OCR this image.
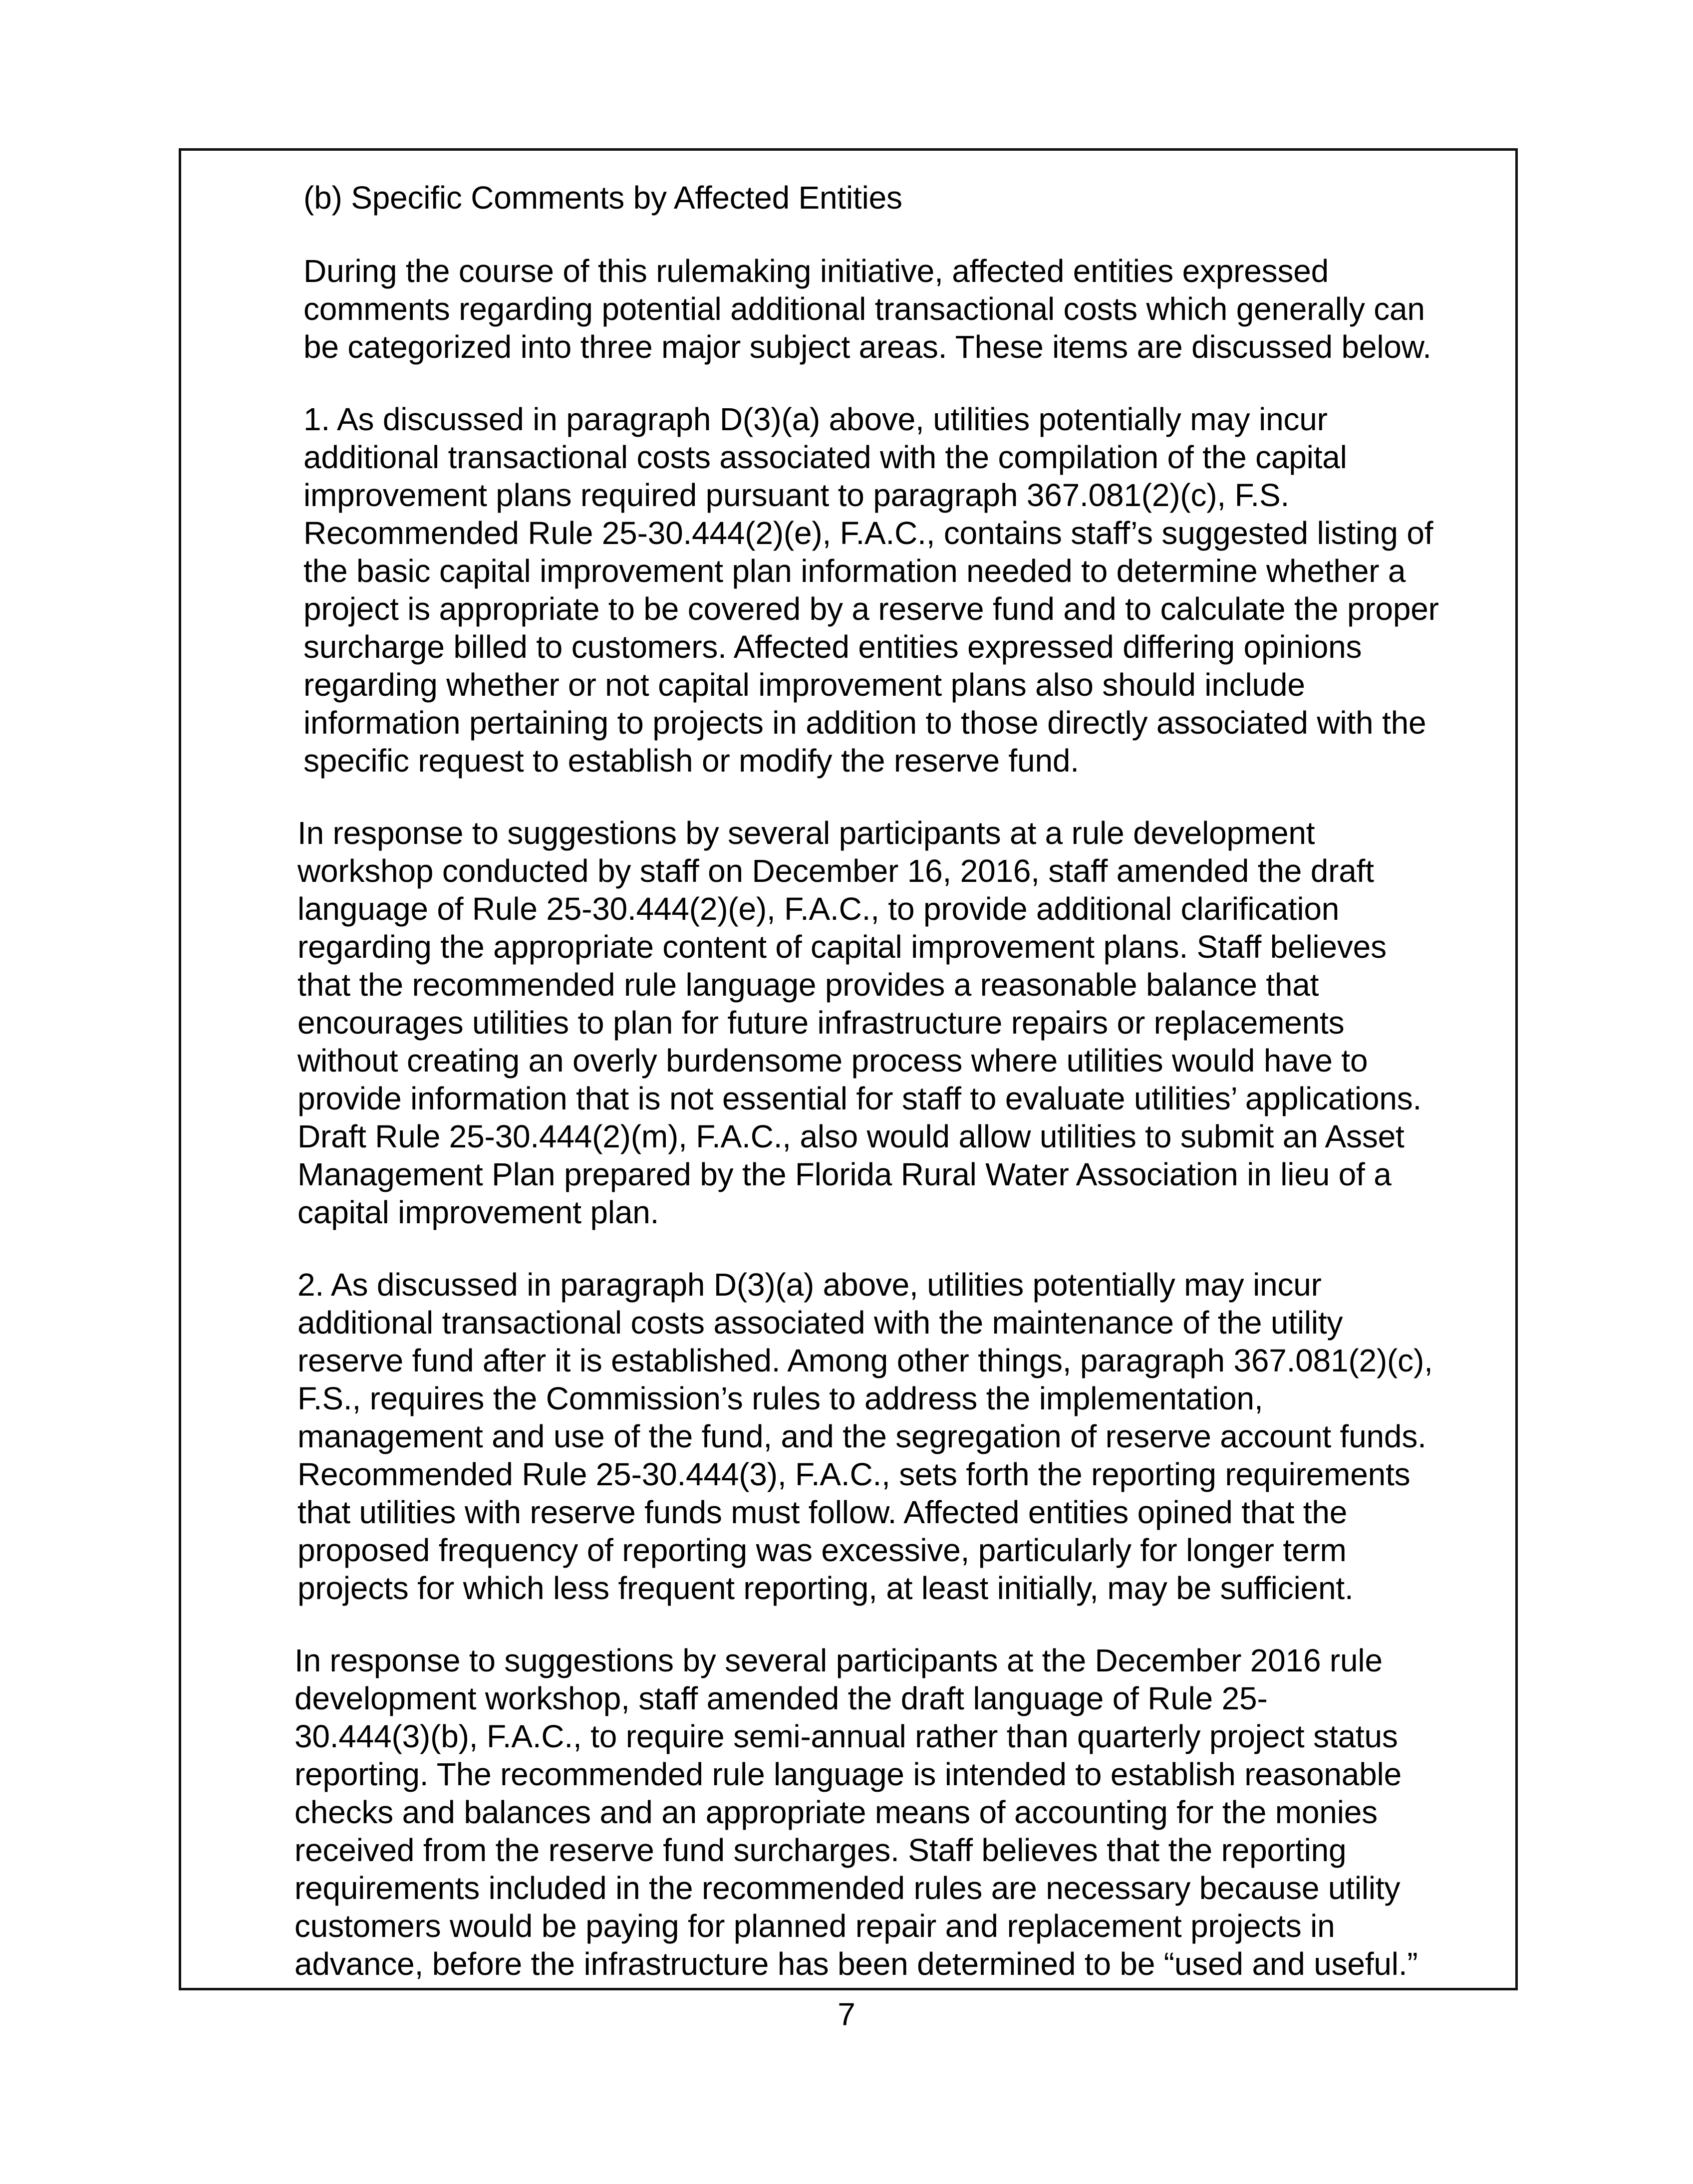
(b) Specific Comments by Affected Entities
During the course of this rulemaking initiative, affected entities expressed
comments regarding potential additional transactional costs which generally can
be categorized into three major subject areas. These items are discussed below.
1. As discussed in paragraph D(3)(a) above, utilities potentially may incur
additional transactional costs associated with the compilation of the capital
improvement plans required pursuant to paragraph 367.081(2)(c), F.S.
Recommended Rule 25-30.444(2)(e), F.A.C., contains staff’s suggested listing of
the basic capital improvement plan information needed to determine whether a
project is appropriate to be covered by a reserve fund and to calculate the proper
surcharge billed to customers. Affected entities expressed differing opinions
regarding whether or not capital improvement plans also should include
information pertaining to projects in addition to those directly associated with the
specific request to establish or modify the reserve fund.
In response to suggestions by several participants at a rule development
workshop conducted by staff on December 16, 2016, staff amended the draft
language of Rule 25-30.444(2)(e), F.A.C., to provide additional clarification
regarding the appropriate content of capital improvement plans. Staff believes
that the recommended rule language provides a reasonable balance that
encourages utilities to plan for future infrastructure repairs or replacements
without creating an overly burdensome process where utilities would have to
provide information that is not essential for staff to evaluate utilities’ applications.
Draft Rule 25-30.444(2)(m), F.A.C., also would allow utilities to submit an Asset
Management Plan prepared by the Florida Rural Water Association in lieu of a
capital improvement plan.
2. As discussed in paragraph D(3)(a) above, utilities potentially may incur
additional transactional costs associated with the maintenance of the utility
reserve fund after it is established. Among other things, paragraph 367.081(2)(c),
F.S., requires the Commission’s rules to address the implementation,
management and use of the fund, and the segregation of reserve account funds.
Recommended Rule 25-30.444(3), F.A.C., sets forth the reporting requirements
that utilities with reserve funds must follow. Affected entities opined that the
proposed frequency of reporting was excessive, particularly for longer term
projects for which less frequent reporting, at least initially, may be sufficient.
In response to suggestions by several participants at the December 2016 rule
development workshop, staff amended the draft language of Rule 25-
30.444(3)(b), F.A.C., to require semi-annual rather than quarterly project status
reporting. The recommended rule language is intended to establish reasonable
checks and balances and an appropriate means of accounting for the monies
received from the reserve fund surcharges. Staff believes that the reporting
requirements included in the recommended rules are necessary because utility
customers would be paying for planned repair and replacement projects in
advance, before the infrastructure has been determined to be “used and useful.”
7
